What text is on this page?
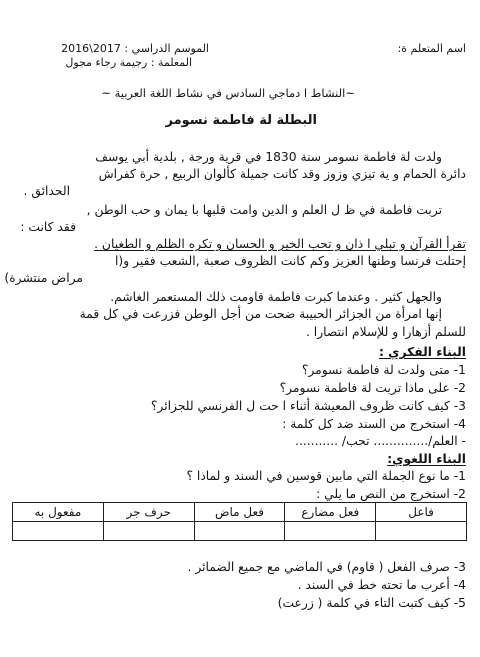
اسم المتعلم ة:
الموسم الدراسي : 2017\2016
المعلمة : رجيمة رجاء مجول
~النشاط ا دماجي السادس في نشاط اللغة العربية ~
البطلة لة فاطمة نسومر
ولدت لة فاطمة نسومر سنة 1830 في قرية ورجة , بلدية أبي يوسف
دائرة الحمام و ية تيزي وزوز وقد كانت جميلة كألوان الربيع , حرة كفراش
الحدائق .
تربت فاطمة في ظ ل العلم و الدين وامت قلبها با يمان و حب الوطن ,
فقد كانت :
تقرأ القرآن و تبلي ا ذان و تحب الخير و الحسان و تكره الظلم و الطغيان .
إحتلت فرنسا وطنها العزيز وكم كانت الظروف صعبة ,الشعب فقير و(ا
مراض منتشرة)
والجهل كثير . وعندما كبرت فاطمة قاومت ذلك المستعمر الغاشم.
إنها امرأة من الجزائر الحبيبة ضحت من أجل الوطن فزرعت في كل قمة
للسلم أزهارا و للإسلام انتصارا .
البناء الفكري :
1- متى ولدت لة فاطمة نسومر؟
2- على ماذا تربت لة فاطمة نسومر؟
3- كيف كانت ظروف المعيشة أثناء ا حت ل الفرنسي للجزائر؟
4- استخرج من السند ضد كل كلمة :
- العلم/.............. تحب/ ...........
البناء اللغوي:
1- ما نوع الجملة التي مابين قوسين في السند و لماذا ؟
2- استخرج من النص ما يلي :
فاعل	فعل مضارع	فعل ماض	حرف جر	مفعول به

3- صرف الفعل ( قاوم) في الماضي مع جميع الضمائر .
4- أعرب ما تحته خط في السند .
5- كيف كتبت التاء في كلمة ( زرعت)
